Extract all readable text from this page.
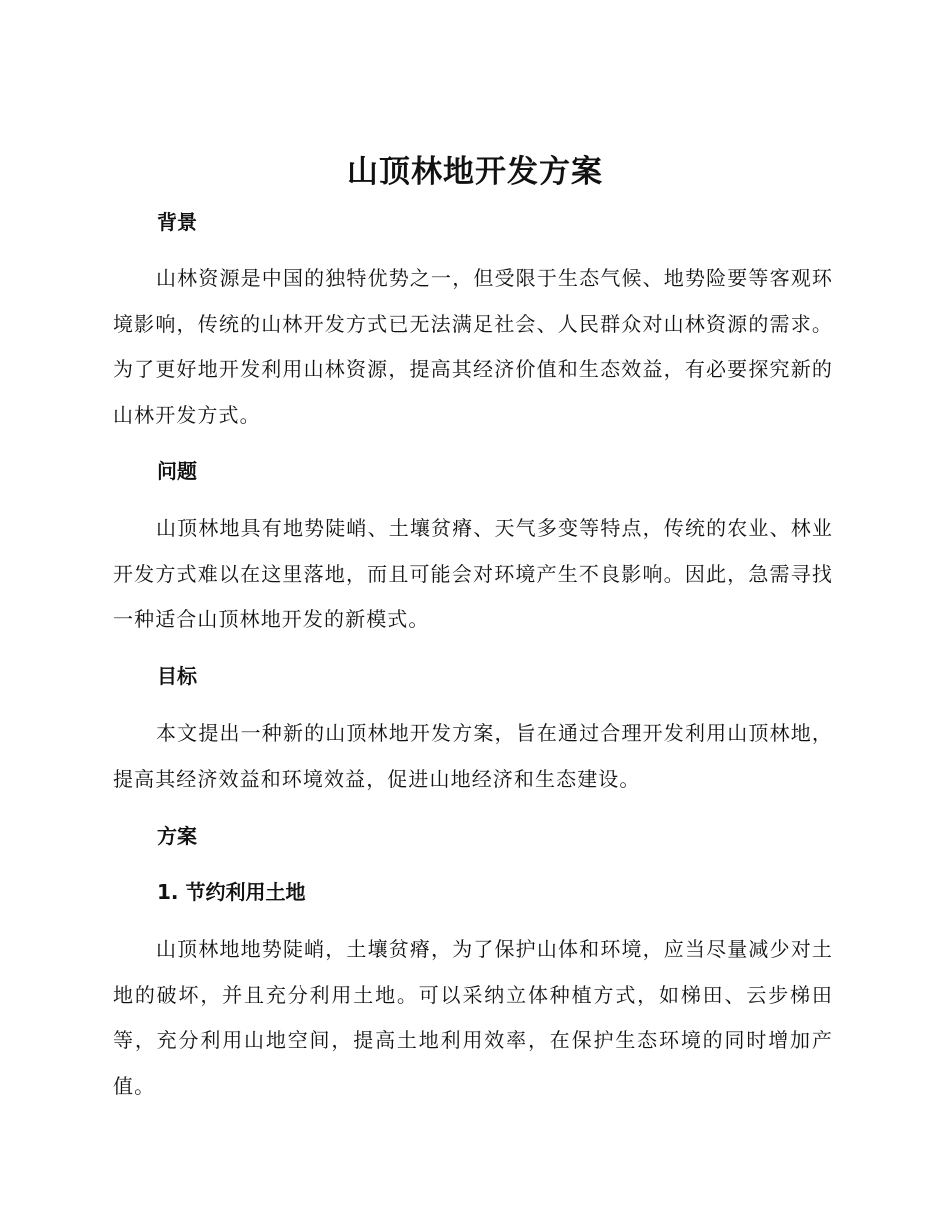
山顶林地开发方案
背景
山林资源是中国的独特优势之一，但受限于生态气候、地势险要等客观环境影响，传统的山林开发方式已无法满足社会、人民群众对山林资源的需求。为了更好地开发利用山林资源，提高其经济价值和生态效益，有必要探究新的山林开发方式。
问题
山顶林地具有地势陡峭、土壤贫瘠、天气多变等特点，传统的农业、林业开发方式难以在这里落地，而且可能会对环境产生不良影响。因此，急需寻找一种适合山顶林地开发的新模式。
目标
本文提出一种新的山顶林地开发方案，旨在通过合理开发利用山顶林地，提高其经济效益和环境效益，促进山地经济和生态建设。
方案
1. 节约利用土地
山顶林地地势陡峭，土壤贫瘠，为了保护山体和环境，应当尽量减少对土地的破坏，并且充分利用土地。可以采纳立体种植方式，如梯田、云步梯田等，充分利用山地空间，提高土地利用效率，在保护生态环境的同时增加产值。
